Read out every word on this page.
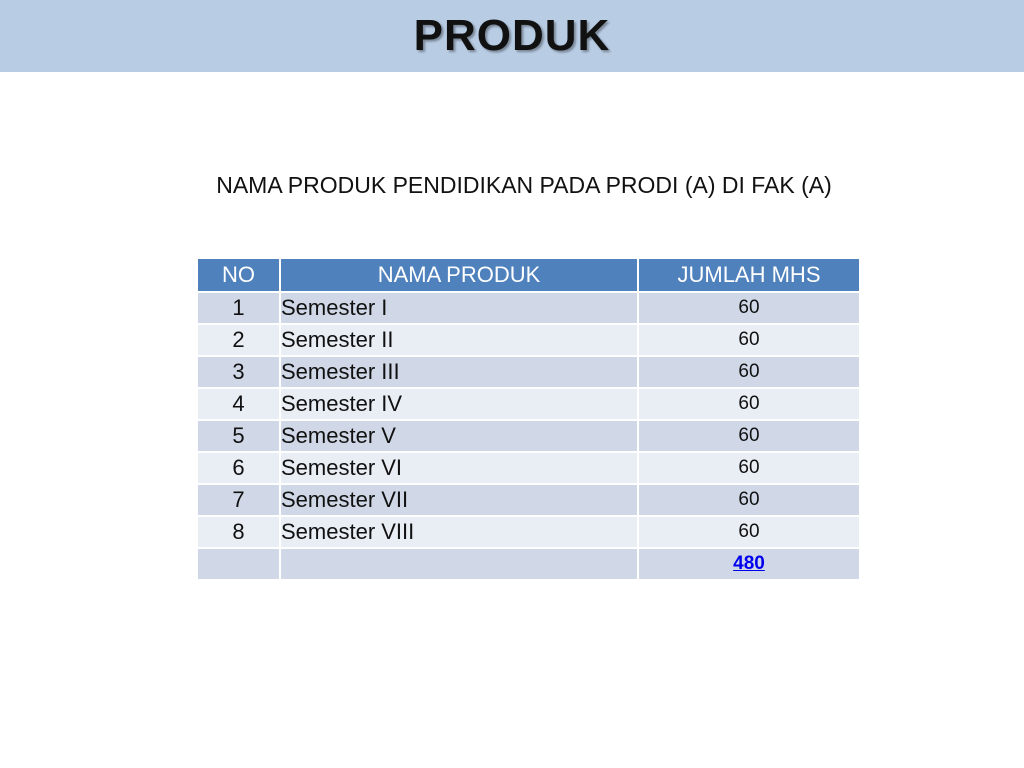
PRODUK
NAMA PRODUK PENDIDIKAN PADA PRODI (A) DI FAK (A)
NO	NAMA PRODUK	JUMLAH MHS
1	Semester I	60
2	Semester II	60
3	Semester III	60
4	Semester IV	60
5	Semester V	60
6	Semester VI	60
7	Semester VII	60
8	Semester VIII	60
		480
